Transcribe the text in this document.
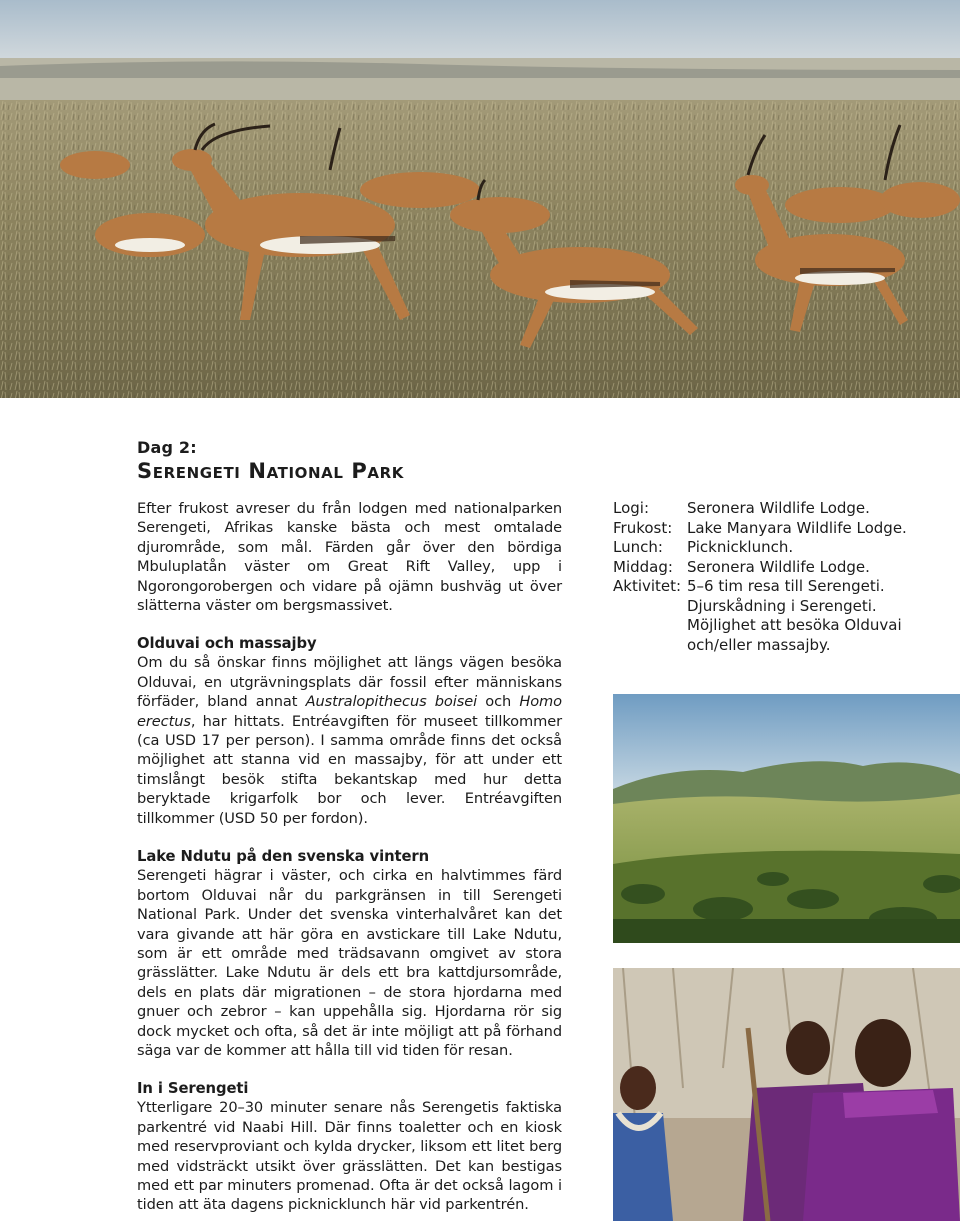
Dag 2:
Serengeti National Park

Efter frukost avreser du från lodgen med nationalparken Serengeti, Afrikas kanske bästa och mest omtalade djurområde, som mål. Färden går över den bördiga Mbuluplatån väster om Great Rift Valley, upp i Ngorongorobergen och vidare på ojämn bushväg ut över slätterna väster om bergsmassivet.

Olduvai och massajby

Om du så önskar finns möjlighet att längs vägen besöka Olduvai, en utgrävningsplats där fossil efter människans förfäder, bland annat Australopithecus boisei och Homo erectus, har hittats. Entréavgiften för museet tillkommer (ca USD 17 per person). I samma område finns det också möjlighet att stanna vid en massajby, för att under ett timslångt besök stifta bekantskap med hur detta beryktade krigarfolk bor och lever. Entréavgiften tillkommer (USD 50 per fordon).

Lake Ndutu på den svenska vintern

Serengeti hägrar i väster, och cirka en halvtimmes färd bortom Olduvai når du parkgränsen in till Serengeti National Park. Under det svenska vinterhalvåret kan det vara givande att här göra en avstickare till Lake Ndutu, som är ett område med trädsavann omgivet av stora grässlätter. Lake Ndutu är dels ett bra kattdjursområde, dels en plats där migrationen – de stora hjordarna med gnuer och zebror – kan uppehålla sig. Hjordarna rör sig dock mycket och ofta, så det är inte möjligt att på förhand säga var de kommer att hålla till vid tiden för resan.

In i Serengeti

Ytterligare 20–30 minuter senare nås Serengetis faktiska parkentré vid Naabi Hill. Där finns toaletter och en kiosk med reservproviant och kylda drycker, liksom ett litet berg med vidsträckt utsikt över grässlätten. Det kan bestigas med ett par minuters promenad. Ofta är det också lagom i tiden att äta dagens picknicklunch här vid parkentrén.

Logi:	Seronera Wildlife Lodge.
Frukost:	Lake Manyara Wildlife Lodge.
Lunch:	Picknicklunch.
Middag:	Seronera Wildlife Lodge.
Aktivitet:	5–6 tim resa till Serengeti.
	Djurskådning i Serengeti.
	Möjlighet att besöka Olduvai och/eller massajby.
